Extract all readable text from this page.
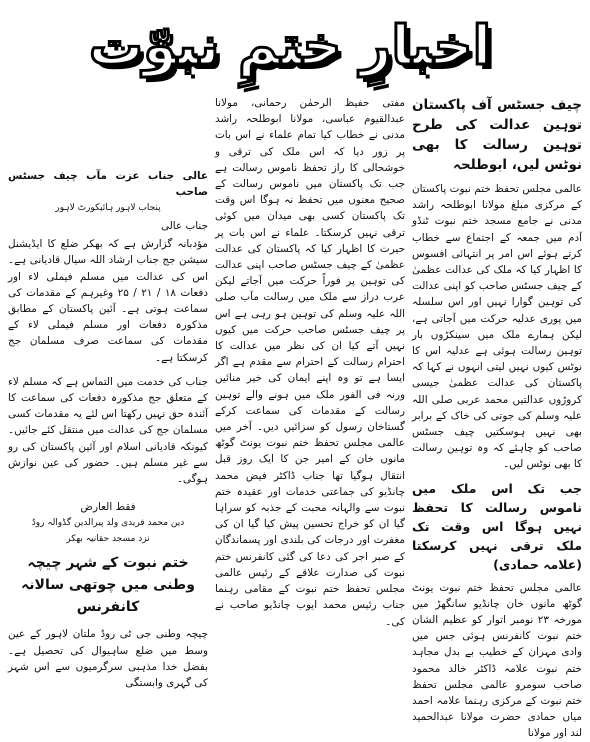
اخبارِ ختمِ نبوّت

چیف جسٹس آف پاکستان توہین عدالت کی طرح توہین رسالت کا بھی نوٹس لیں، ابوطلحہ

عالمی مجلس تحفظ ختم نبوت پاکستان کے مرکزی مبلغ مولانا ابوطلحہ راشد مدنی نے جامع مسجد ختم نبوت ٹنڈو آدم میں جمعہ کے اجتماع سے خطاب کرتے ہوئے اس امر پر انتہائی افسوس کا اظہار کیا کہ ملک کی عدالت عظمیٰ کے چیف جسٹس صاحب کو اپنی عدالت کی توہین گوارا نہیں اور اس سلسلہ میں پوری عدلیہ حرکت میں آجاتی ہے، لیکن ہمارے ملک میں سینکڑوں بار توہین رسالت ہوئی ہے عدلیہ اس کا نوٹس کیوں نہیں لیتی انہوں نے کہا کہ پاکستان کی عدالت عظمیٰ جیسی کروڑوں عدالتیں محمد عربی صلی اللہ علیہ وسلم کی جوتی کی خاک کے برابر بھی نہیں ہوسکتیں چیف جسٹس صاحب کو چاہئے کہ وہ توہین رسالت کا بھی نوٹس لیں۔

جب تک اس ملک میں ناموس رسالت کا تحفظ نہیں ہوگا اس وقت تک ملک ترقی نہیں کرسکتا (علامہ حمادی)

عالمی مجلس تحفظ ختم نبوت یونٹ گوٹھ مانوں خان چانڈیو سانگھڑ میں مورخہ ۲۳ نومبر اتوار کو عظیم الشان ختم نبوت کانفرنس ہوئی جس میں وادی مہران کے خطیب بے بدل مجاہد ختم نبوت علامہ ڈاکٹر خالد محمود صاحب سومرو عالمی مجلس تحفظ ختم نبوت کے مرکزی رہنما علامہ احمد میاں حمادی حضرت مولانا عبدالحمید لند اور مولانا

مفتی حفیظ الرحمٰن رحمانی، مولانا عبدالقیوم عباسی، مولانا ابوطلحہ راشد مدنی نے خطاب کیا تمام علماء نے اس بات پر زور دیا کہ اس ملک کی ترقی و خوشحالی کا راز تحفظ ناموس رسالت ہے جب تک پاکستان میں ناموس رسالت کے صحیح معنوں میں تحفظ نہ ہوگا اس وقت تک پاکستان کسی بھی میدان میں کوئی ترقی نہیں کرسکتا۔ علماء نے اس بات پر حیرت کا اظہار کیا کہ پاکستان کی عدالت عظمیٰ کے چیف جسٹس صاحب اپنی عدالت کی توہین پر فوراً حرکت میں آجاتے لیکن عرب دراز سے ملک میں رسالت مآب صلی اللہ علیہ وسلم کی توہین ہو رہی ہے اس پر چیف جسٹس صاحب حرکت میں کیوں نہیں آتے کیا ان کی نظر میں عدالت کا احترام رسالت کے احترام سے مقدم ہے اگر ایسا ہے تو وہ اپنے ایمان کی خیر منائیں ورنہ فی الفور ملک میں ہونے والے توہین رسالت کے مقدمات کی سماعت کرکے گستاخان رسول کو سزائیں دیں۔ آخر میں عالمی مجلس تحفظ ختم نبوت یونٹ گوٹھ مانوں خان کے امیر جن کا ایک روز قبل انتقال ہوگیا تھا جناب ڈاکٹر فیض محمد چانڈیو کی جماعتی خدمات اور عقیدہ ختم نبوت سے والہانہ محبت کے جذبہ کو سراہا گیا ان کو خراج تحسین پیش کیا گیا ان کی مغفرت اور درجات کی بلندی اور پسماندگان کے صبر اجر کی دعا کی گئی کانفرنس ختم نبوت کی صدارت علاقے کے رئیس عالمی مجلس تحفظ ختم نبوت کے مقامی رہنما جناب رئیس محمد ایوب چانڈیو صاحب نے کی۔

عالی جناب عزت مآب چیف جسٹس صاحب

پنجاب لاہور ہائیکورٹ لاہور

جناب عالی

مؤدبانہ گزارش ہے کہ بھکر ضلع کا ایڈیشنل سیشن جج جناب ارشاد اللہ سیال قادیانی ہے۔ اس کی عدالت میں مسلم فیملی لاء اور دفعات ۱۸ / ۲۱ / ۲۵ وغیرہم کے مقدمات کی سماعت ہوتی ہے۔ آئین پاکستان کے مطابق مذکورہ دفعات اور مسلم فیملی لاء کے مقدمات کی سماعت صرف مسلمان جج کرسکتا ہے۔

جناب کی خدمت میں التماس ہے کہ مسلم لاء کے متعلق جج مذکورہ دفعات کی سماعت کا آئندہ حق نہیں رکھتا اس لئے یہ مقدمات کسی مسلمان جج کی عدالت میں منتقل کئے جائیں۔ کیونکہ قادیانی اسلام اور آئین پاکستان کی رو سے غیر مسلم ہیں۔ حضور کی عین نوازش ہوگی۔

فقط العارض

دین محمد فریدی ولد پیرالدین گڈوالہ روڈ

نزد مسجد حقانیہ بھکر

ختم نبوت کے شہر چیچہ وطنی میں چوتھی سالانہ کانفرنس

چیچہ وطنی جی ٹی روڈ ملتان لاہور کے عین وسط میں ضلع ساہیوال کی تحصیل ہے۔ بفضل خدا مذہبی سرگرمیوں سے اس شہر کی گہری وابستگی
